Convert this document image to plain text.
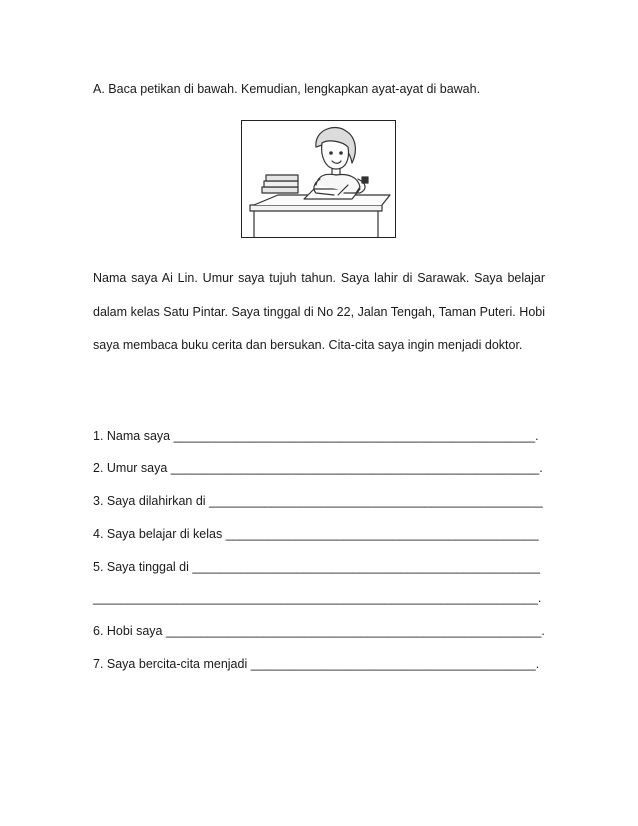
A. Baca petikan di bawah. Kemudian, lengkapkan ayat-ayat di bawah.
Nama saya Ai Lin. Umur saya tujuh tahun. Saya lahir di Sarawak. Saya belajar dalam kelas Satu Pintar. Saya tinggal di No 22, Jalan Tengah, Taman Puteri. Hobi saya membaca buku cerita dan bersukan. Cita-cita saya ingin menjadi doktor.
1. Nama saya ____________________________________________________.
2. Umur saya _____________________________________________________.
3. Saya dilahirkan di ________________________________________________
4. Saya belajar di kelas _____________________________________________
5. Saya tinggal di __________________________________________________
________________________________________________________________.
6. Hobi saya ______________________________________________________.
7. Saya bercita-cita menjadi _________________________________________.
